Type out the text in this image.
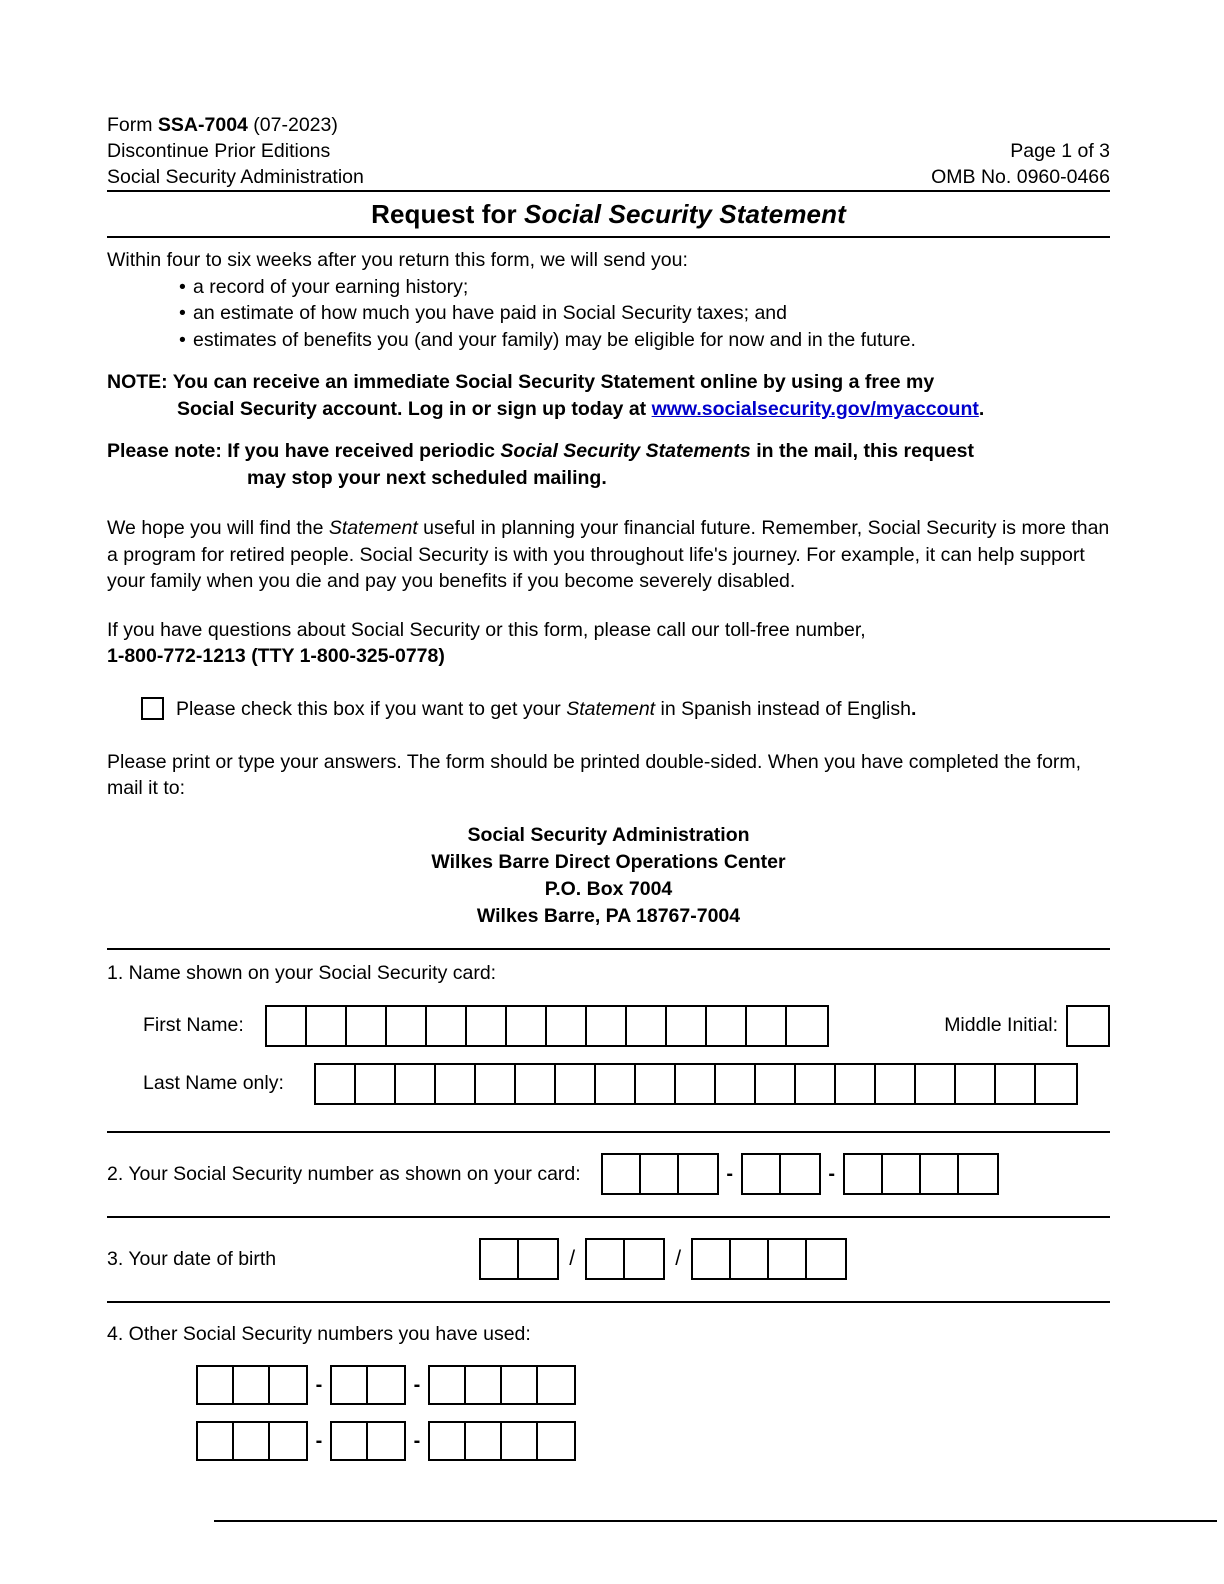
Form SSA-7004 (07-2023)
Discontinue Prior Editions	Page 1 of 3
Social Security Administration	OMB No. 0960-0466
Request for Social Security Statement
Within four to six weeks after you return this form, we will send you:
• a record of your earning history;
• an estimate of how much you have paid in Social Security taxes; and
• estimates of benefits you (and your family) may be eligible for now and in the future.
NOTE: You can receive an immediate Social Security Statement online by using a free my
Social Security account. Log in or sign up today at www.socialsecurity.gov/myaccount.
Please note: If you have received periodic Social Security Statements in the mail, this request
may stop your next scheduled mailing.
We hope you will find the Statement useful in planning your financial future. Remember, Social Security is more than a program for retired people. Social Security is with you throughout life's journey. For example, it can help support your family when you die and pay you benefits if you become severely disabled.
If you have questions about Social Security or this form, please call our toll-free number,
1-800-772-1213 (TTY 1-800-325-0778)
Please check this box if you want to get your Statement in Spanish instead of English.
Please print or type your answers. The form should be printed double-sided. When you have completed the form, mail it to:
Social Security Administration
Wilkes Barre Direct Operations Center
P.O. Box 7004
Wilkes Barre, PA 18767-7004
1. Name shown on your Social Security card:
First Name:	Middle Initial:
Last Name only:
2. Your Social Security number as shown on your card:	-	-
3. Your date of birth	/	/
4. Other Social Security numbers you have used:
-	-
-	-
